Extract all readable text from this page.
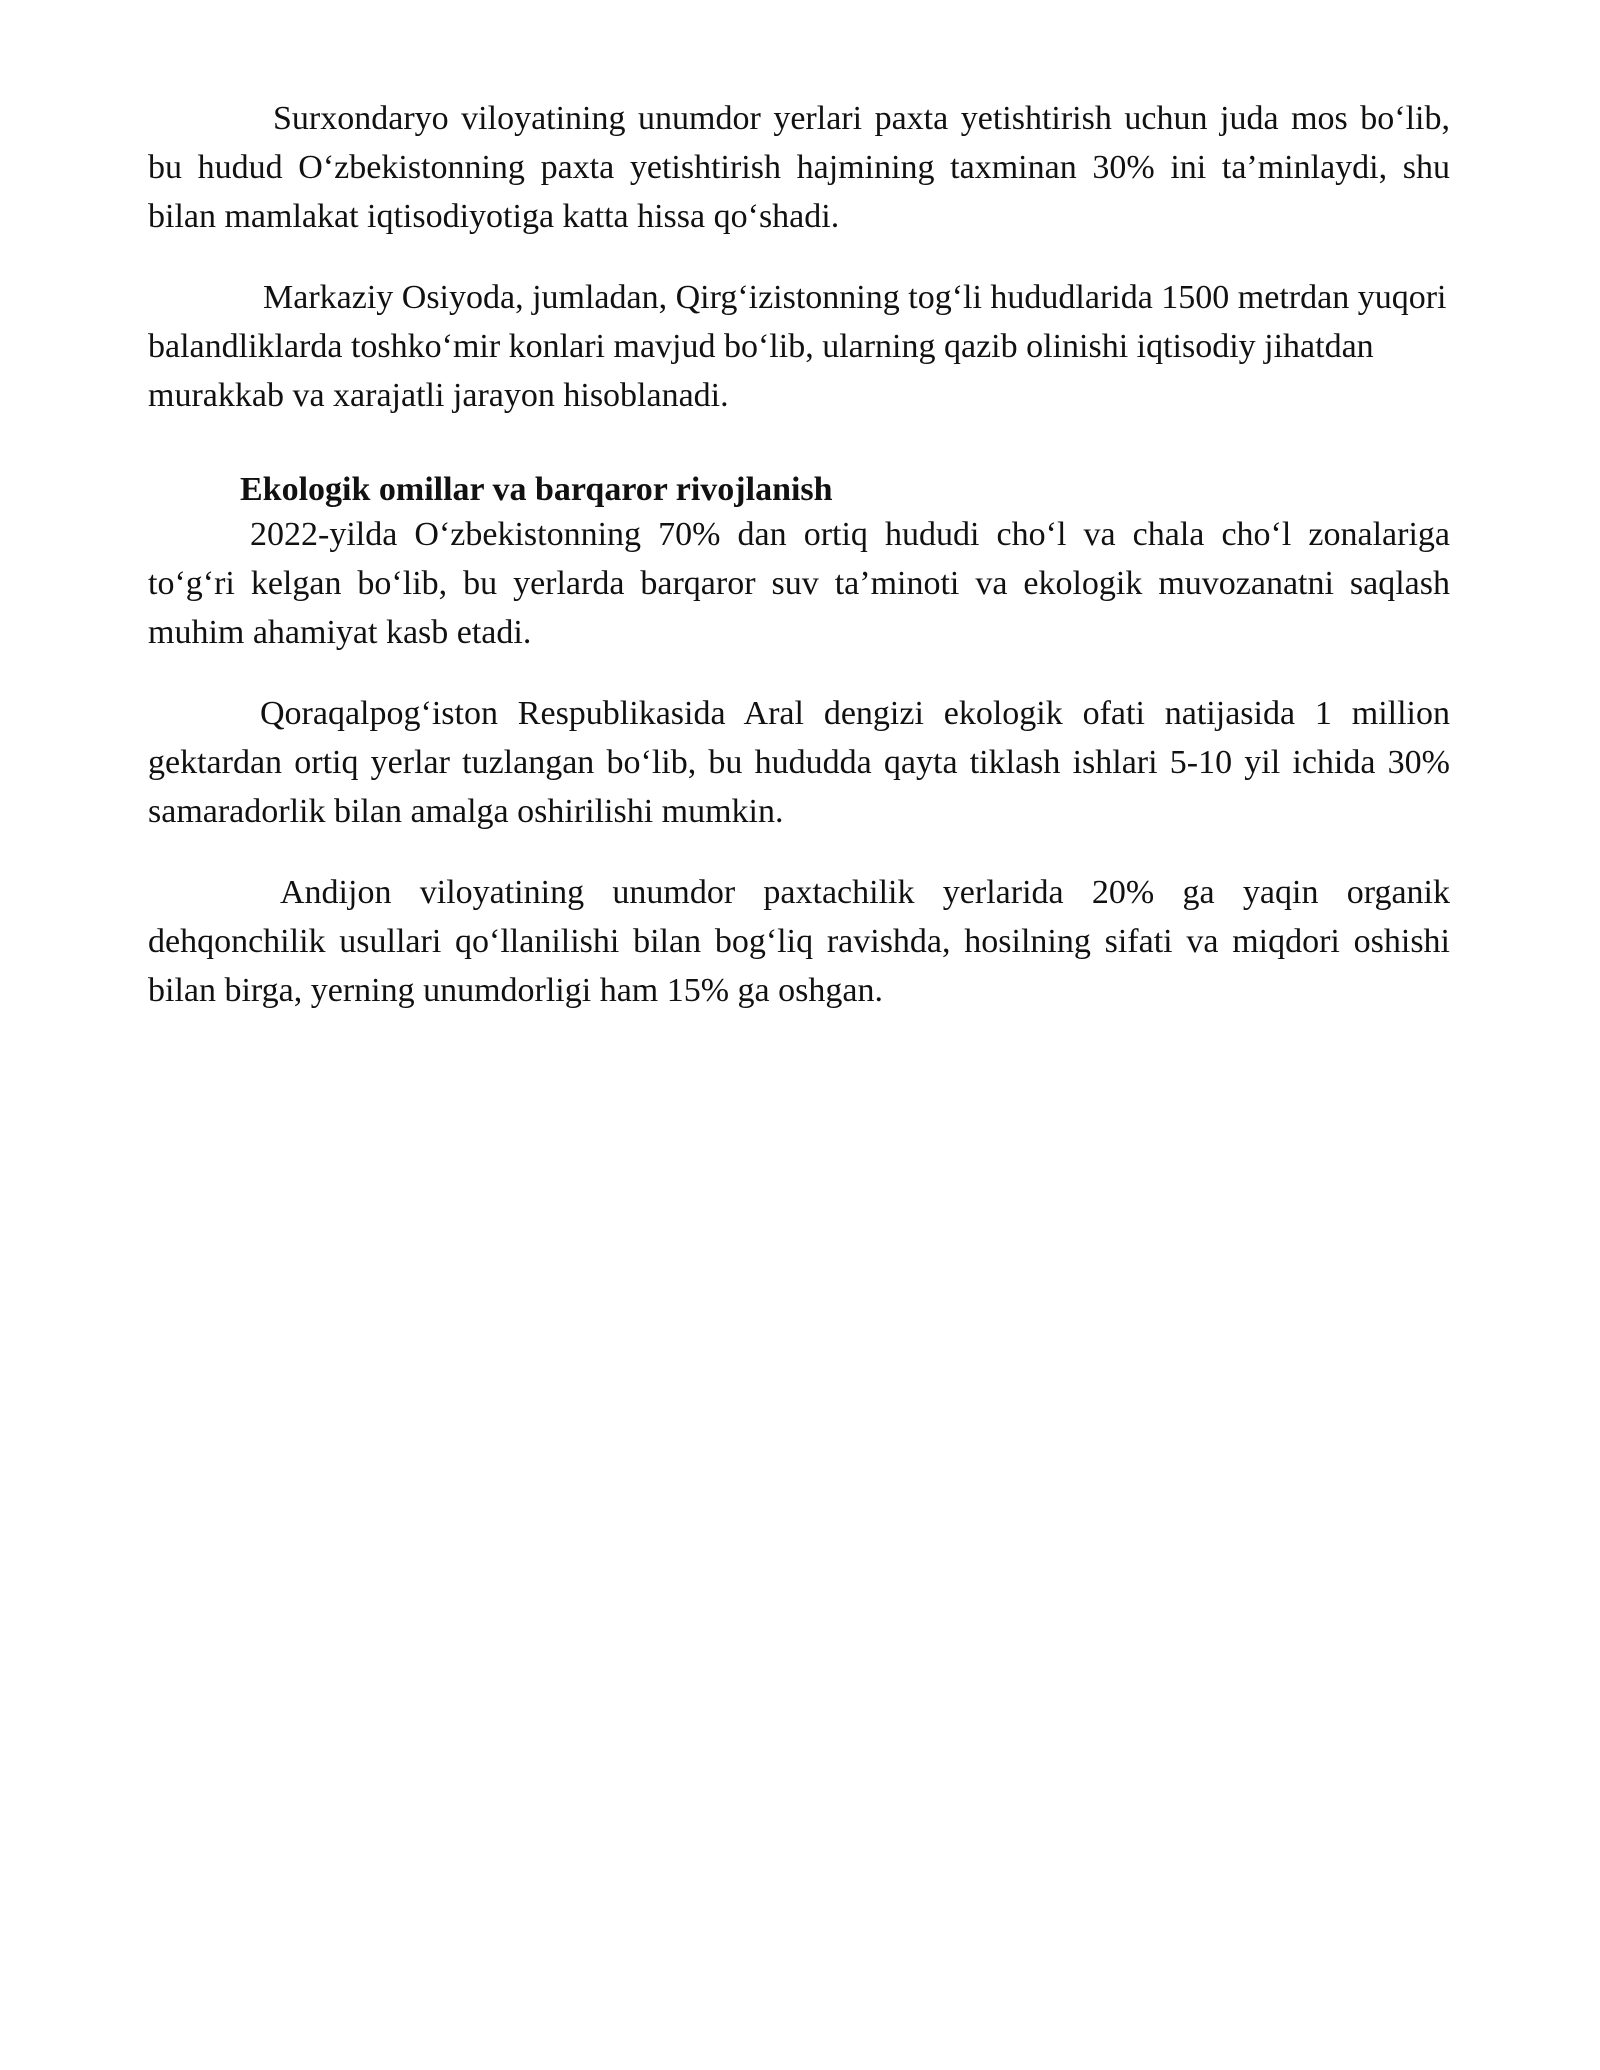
Surxondaryo viloyatining unumdor yerlari paxta yetishtirish uchun juda mos bo‘lib, bu hudud O‘zbekistonning paxta yetishtirish hajmining taxminan 30% ini ta’minlaydi, shu bilan mamlakat iqtisodiyotiga katta hissa qo‘shadi.

Markaziy Osiyoda, jumladan, Qirg‘izistonning tog‘li hududlarida 1500 metrdan yuqori balandliklarda toshko‘mir konlari mavjud bo‘lib, ularning qazib olinishi iqtisodiy jihatdan murakkab va xarajatli jarayon hisoblanadi.

Ekologik omillar va barqaror rivojlanish

2022-yilda O‘zbekistonning 70% dan ortiq hududi cho‘l va chala cho‘l zonalariga to‘g‘ri kelgan bo‘lib, bu yerlarda barqaror suv ta’minoti va ekologik muvozanatni saqlash muhim ahamiyat kasb etadi.

Qoraqalpog‘iston Respublikasida Aral dengizi ekologik ofati natijasida 1 million gektardan ortiq yerlar tuzlangan bo‘lib, bu hududda qayta tiklash ishlari 5-10 yil ichida 30% samaradorlik bilan amalga oshirilishi mumkin.

Andijon viloyatining unumdor paxtachilik yerlarida 20% ga yaqin organik dehqonchilik usullari qo‘llanilishi bilan bog‘liq ravishda, hosilning sifati va miqdori oshishi bilan birga, yerning unumdorligi ham 15% ga oshgan.
